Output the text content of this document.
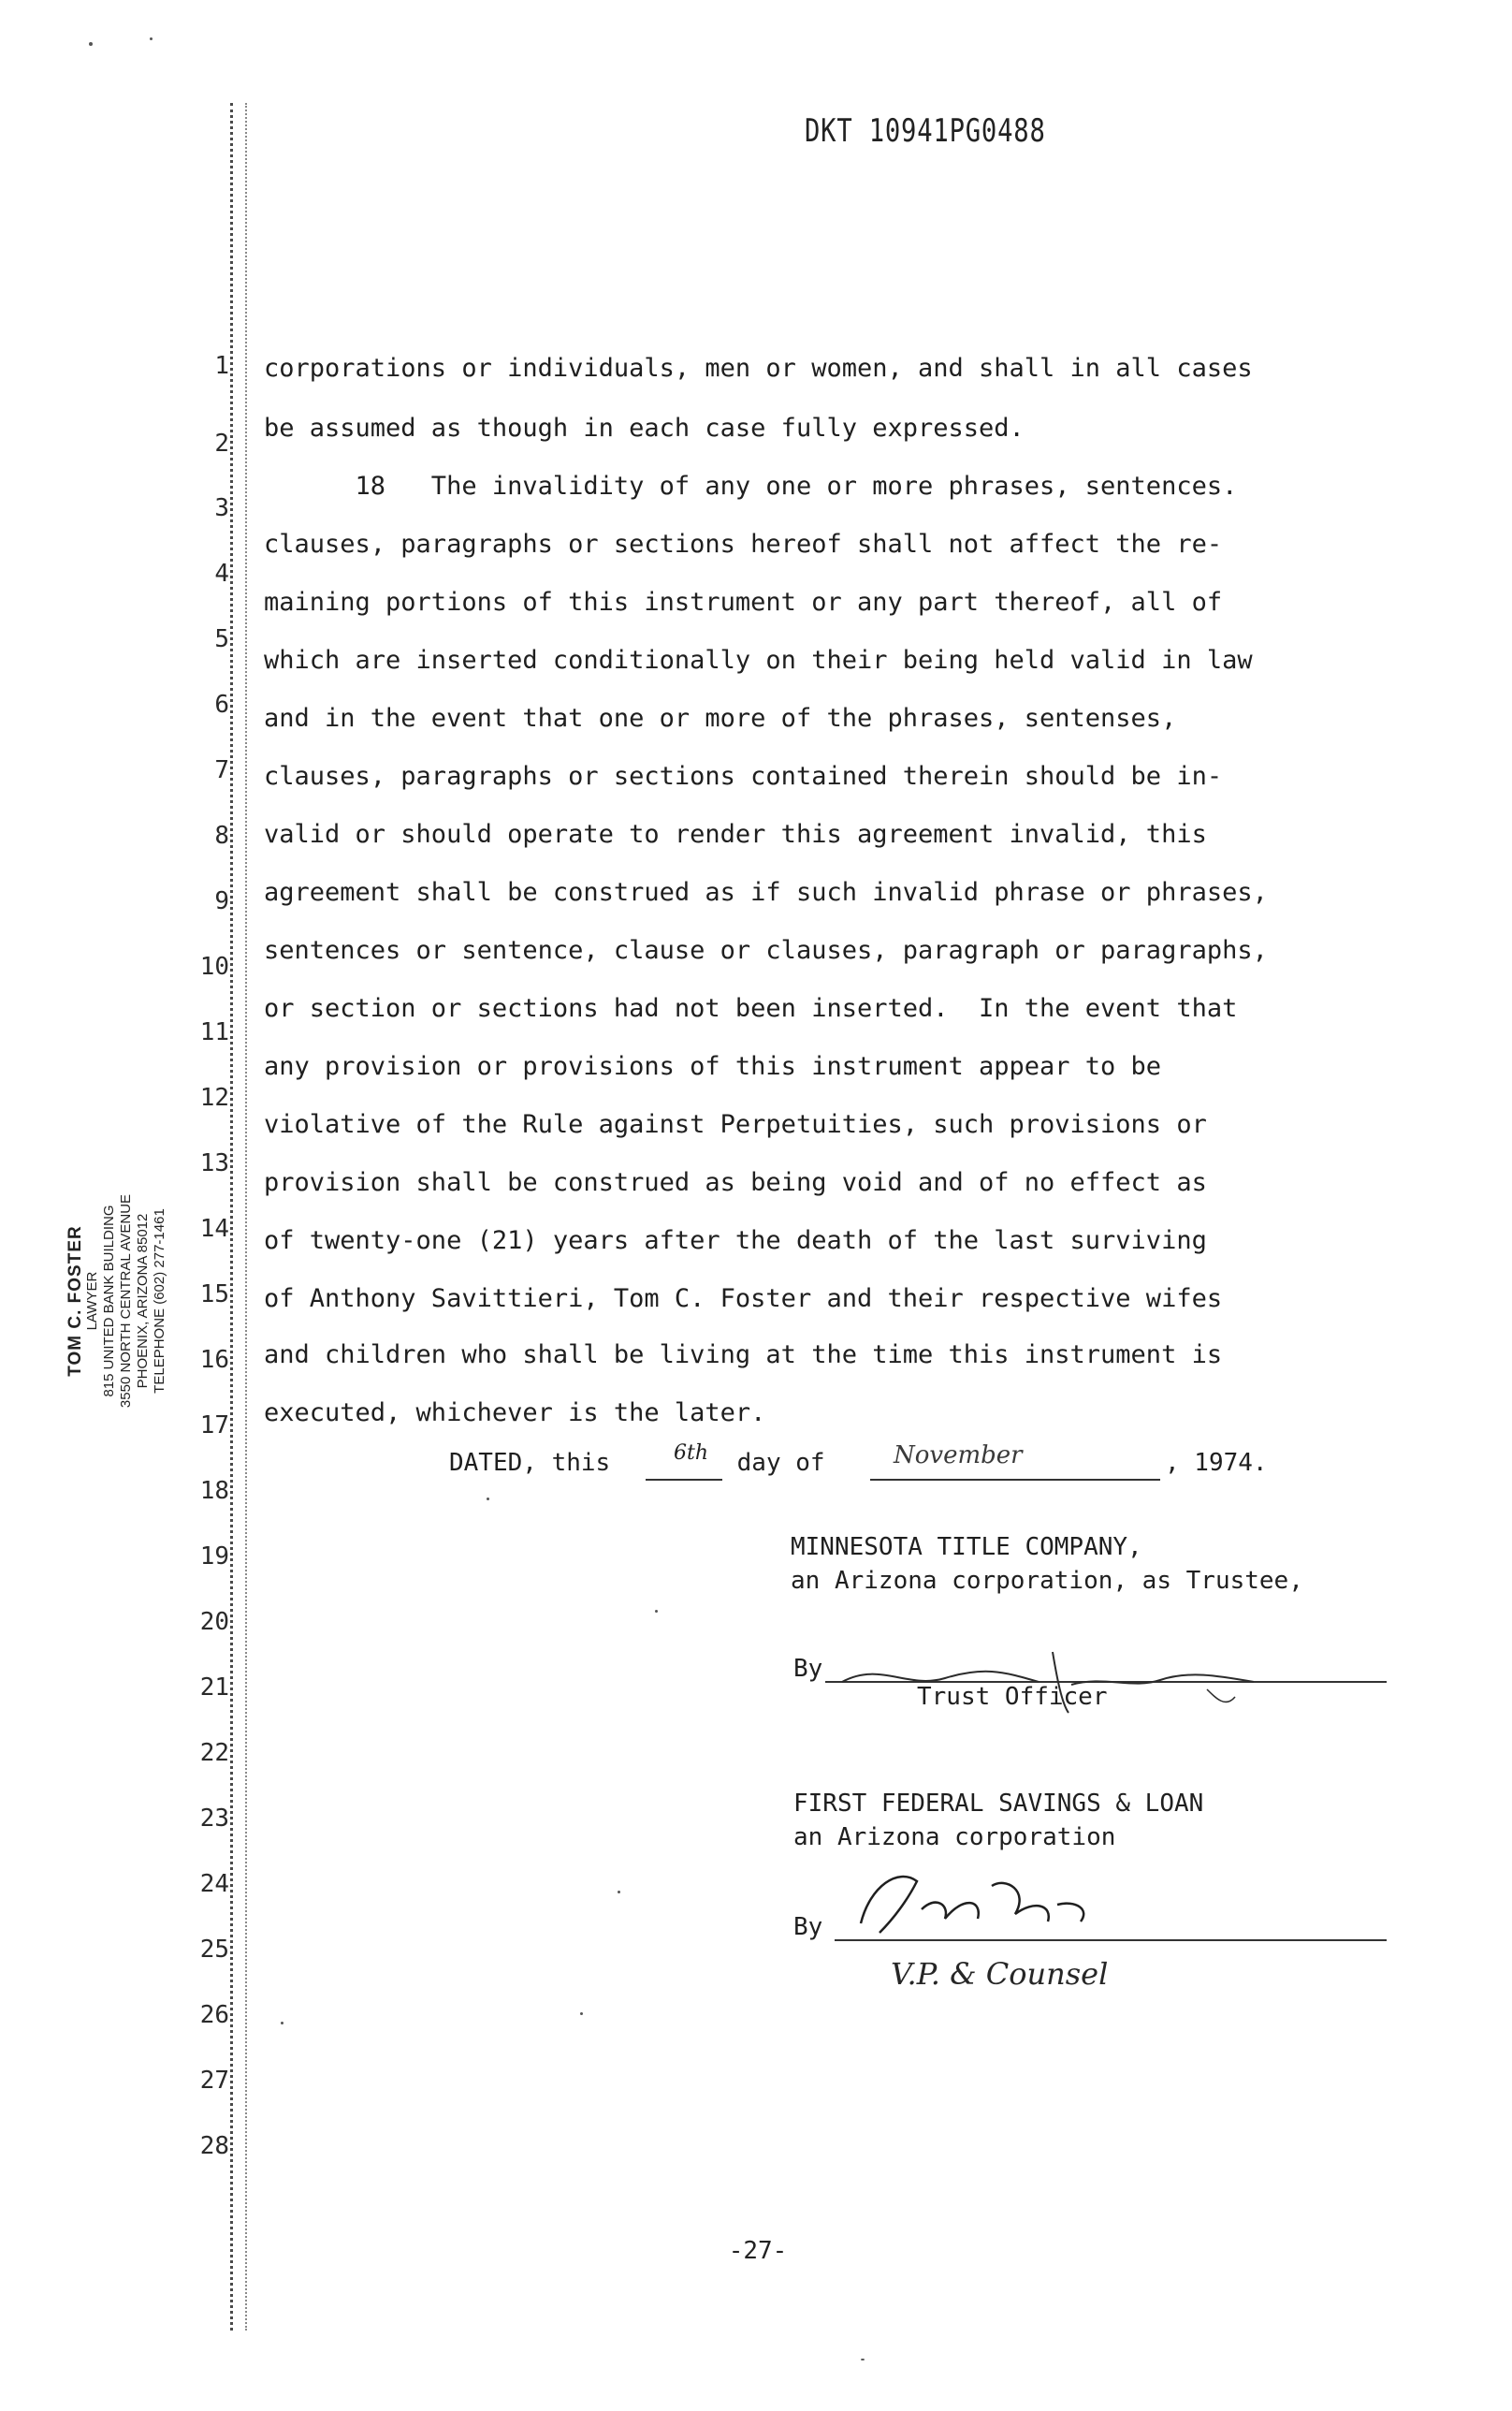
DKT 10941PG0488
TOM C. FOSTER LAWYER 815 UNITED BANK BUILDING 3550 NORTH CENTRAL AVENUE PHOENIX, ARIZONA 85012 TELEPHONE (602) 277-1461
1
2
3
4
5
6
7
8
9
10
11
12
13
14
15
16
17
18
19
20
21
22
23
24
25
26
27
28
corporations or individuals, men or women, and shall in all cases
be assumed as though in each case fully expressed.
18   The invalidity of any one or more phrases, sentences.
clauses, paragraphs or sections hereof shall not affect the re-
maining portions of this instrument or any part thereof, all of
which are inserted conditionally on their being held valid in law
and in the event that one or more of the phrases, sentenses,
clauses, paragraphs or sections contained therein should be in-
valid or should operate to render this agreement invalid, this
agreement shall be construed as if such invalid phrase or phrases,
sentences or sentence, clause or clauses, paragraph or paragraphs,
or section or sections had not been inserted.  In the event that
any provision or provisions of this instrument appear to be
violative of the Rule against Perpetuities, such provisions or
provision shall be construed as being void and of no effect as
of twenty-one (21) years after the death of the last surviving
of Anthony Savittieri, Tom C. Foster and their respective wifes
and children who shall be living at the time this instrument is
executed, whichever is the later.
DATED, this 6th day of November	, 1974.
MINNESOTA TITLE COMPANY,
an Arizona corporation, as Trustee,
By
Trust Officer
FIRST FEDERAL SAVINGS & LOAN
an Arizona corporation
By
V.P. & Counsel
-27-
